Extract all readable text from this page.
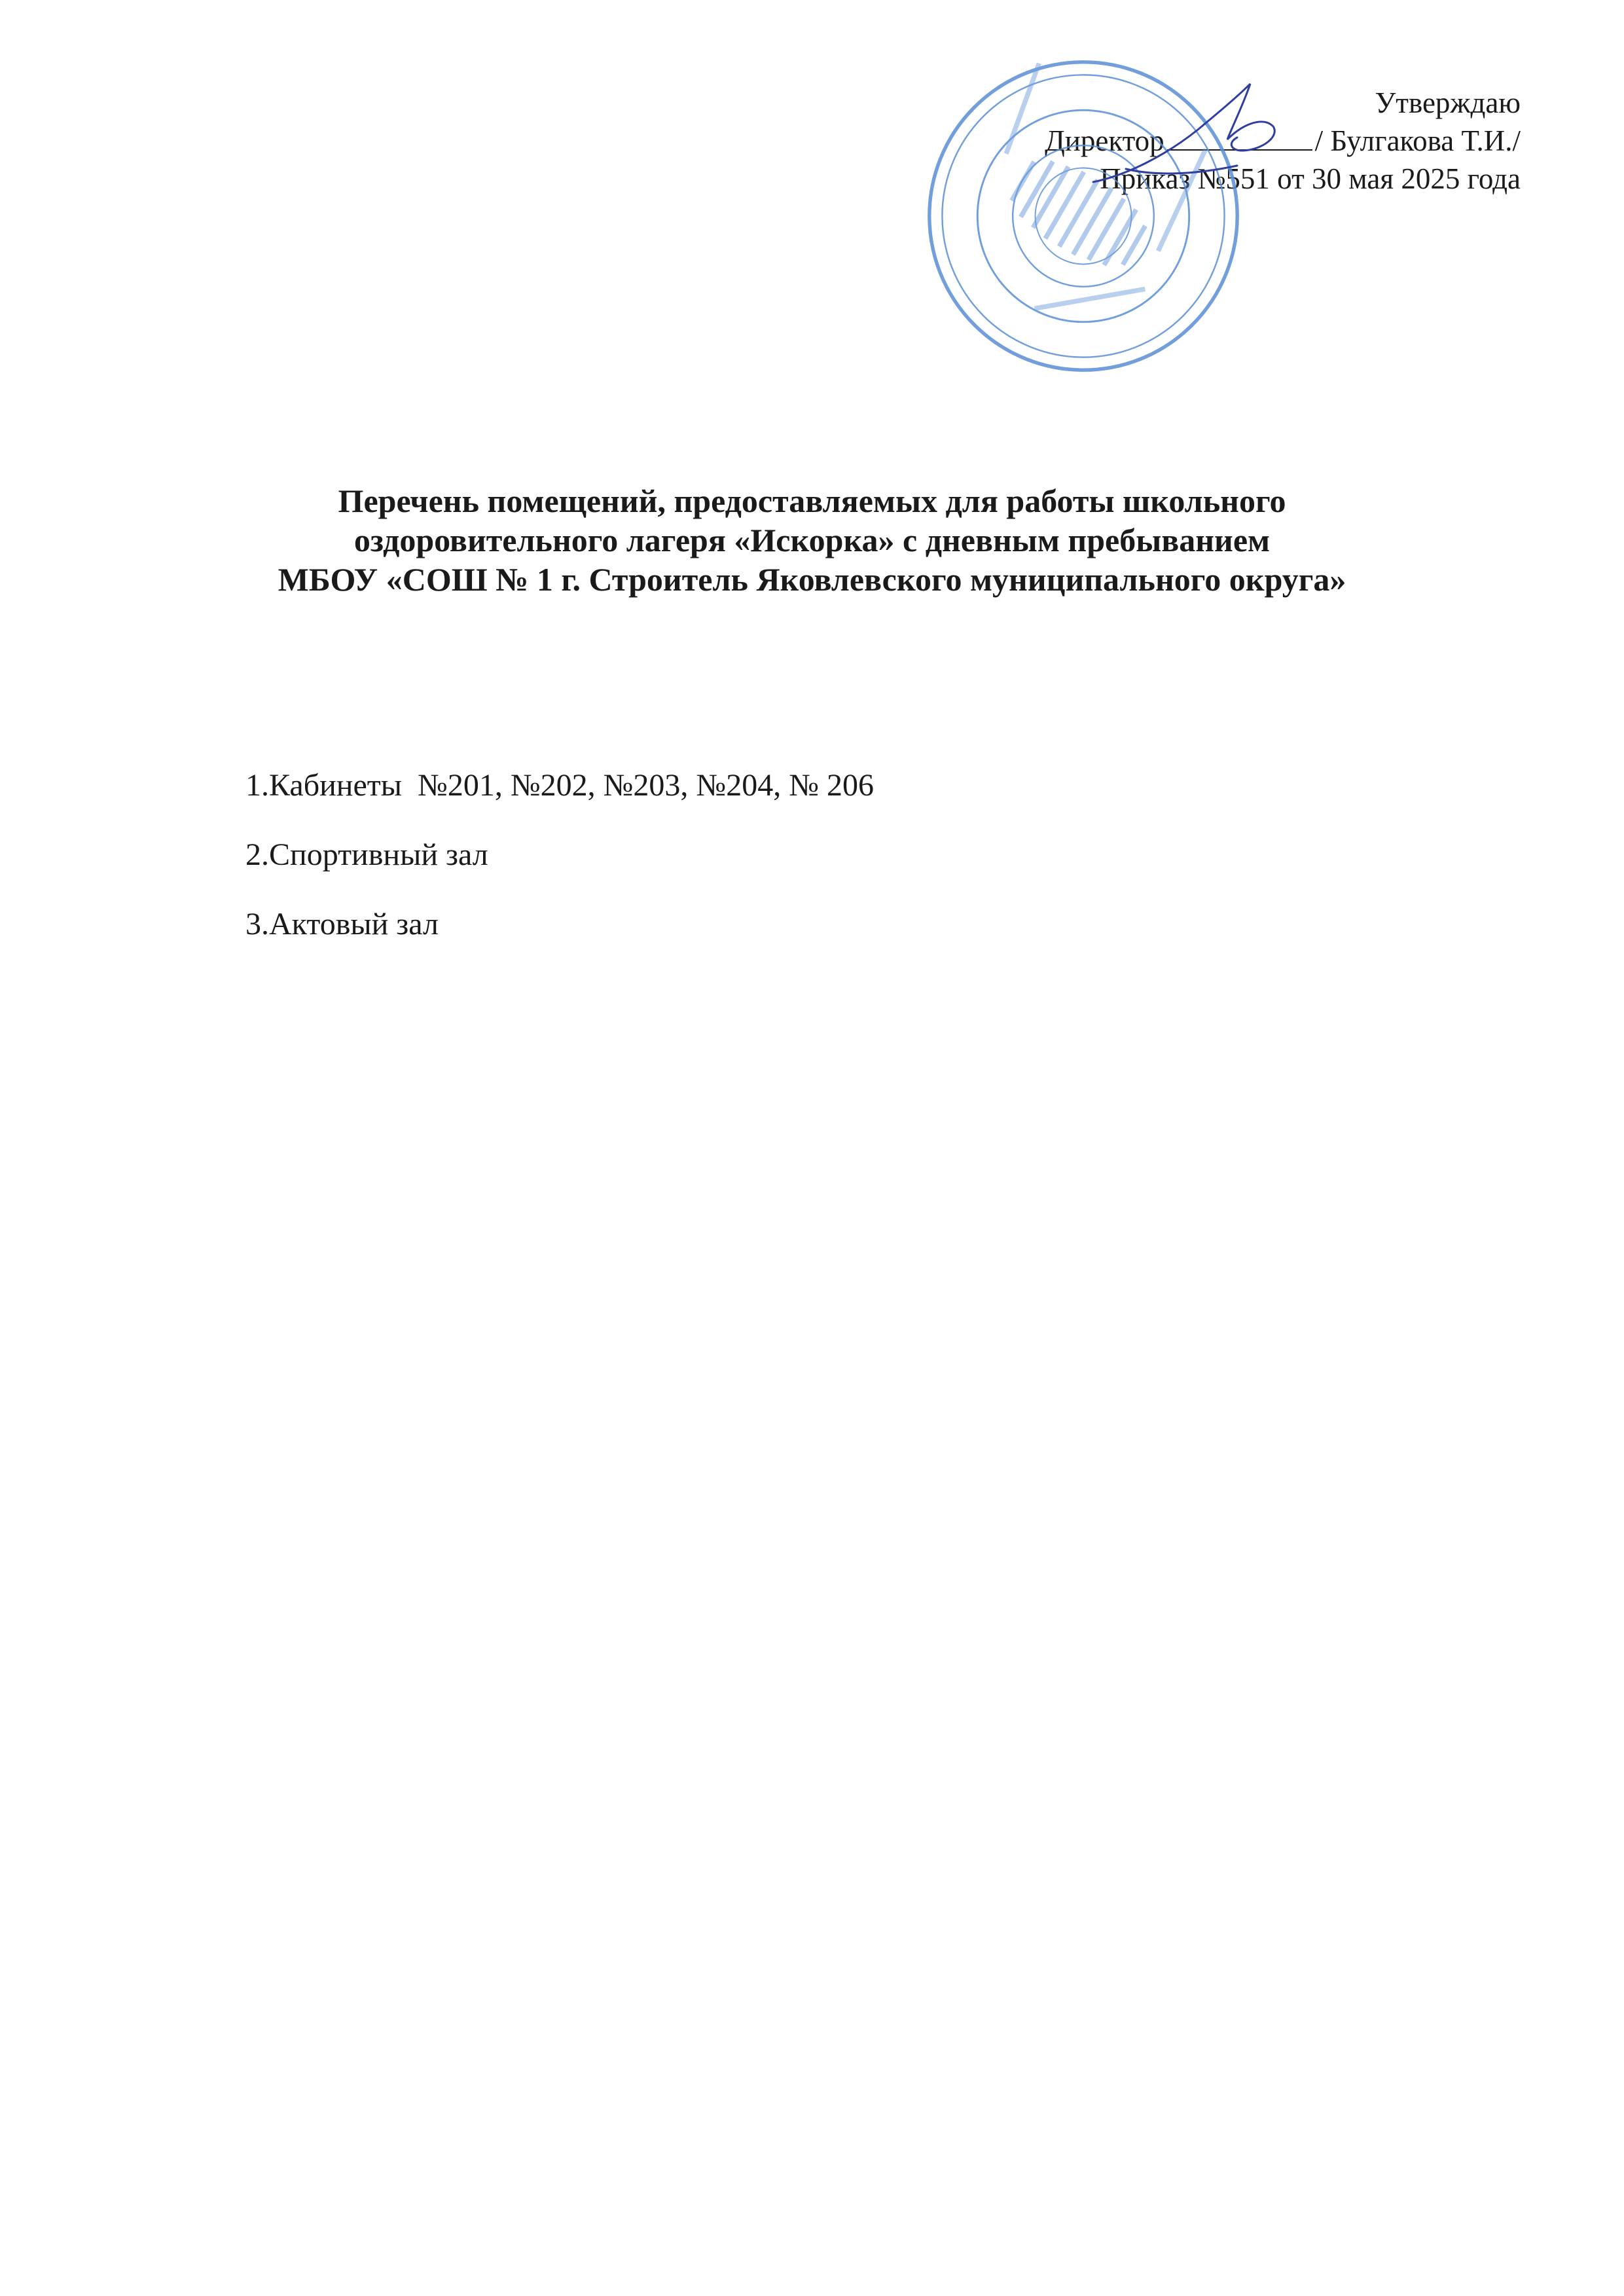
Утверждаю
Директор	/ Булгакова Т.И./
Приказ №551 от 30 мая 2025 года
Перечень помещений, предоставляемых для работы школьного
оздоровительного лагеря «Искорка» с дневным пребыванием
МБОУ «СОШ № 1 г. Строитель Яковлевского муниципального округа»
1.Кабинеты  №201, №202, №203, №204, № 206
2.Спортивный зал
3.Актовый зал
